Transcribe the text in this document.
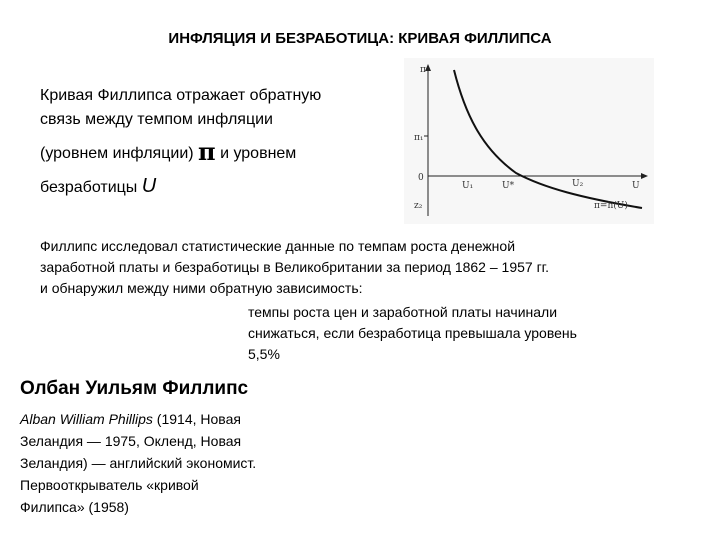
ИНФЛЯЦИЯ И БЕЗРАБОТИЦА: КРИВАЯ ФИЛЛИПСА
Кривая Филлипса отражает обратную
связь между темпом инфляции
(уровнем инфляции) π и уровнем
безработицы U
π
π₁
0
z₂
U₁	U*	U₂	U
π=h(U)
Филлипс исследовал статистические данные по темпам роста денежной
заработной платы и безработицы в Великобритании за период 1862 – 1957 гг.
и обнаружил между ними обратную зависимость:
темпы роста цен и заработной платы начинали
снижаться, если безработица превышала уровень
5,5%
Олбан Уильям Филлипс
Alban William Phillips (1914, Новая
Зеландия — 1975, Окленд, Новая
Зеландия) — английский экономист.
Первооткрыватель «кривой
Филипса» (1958)
